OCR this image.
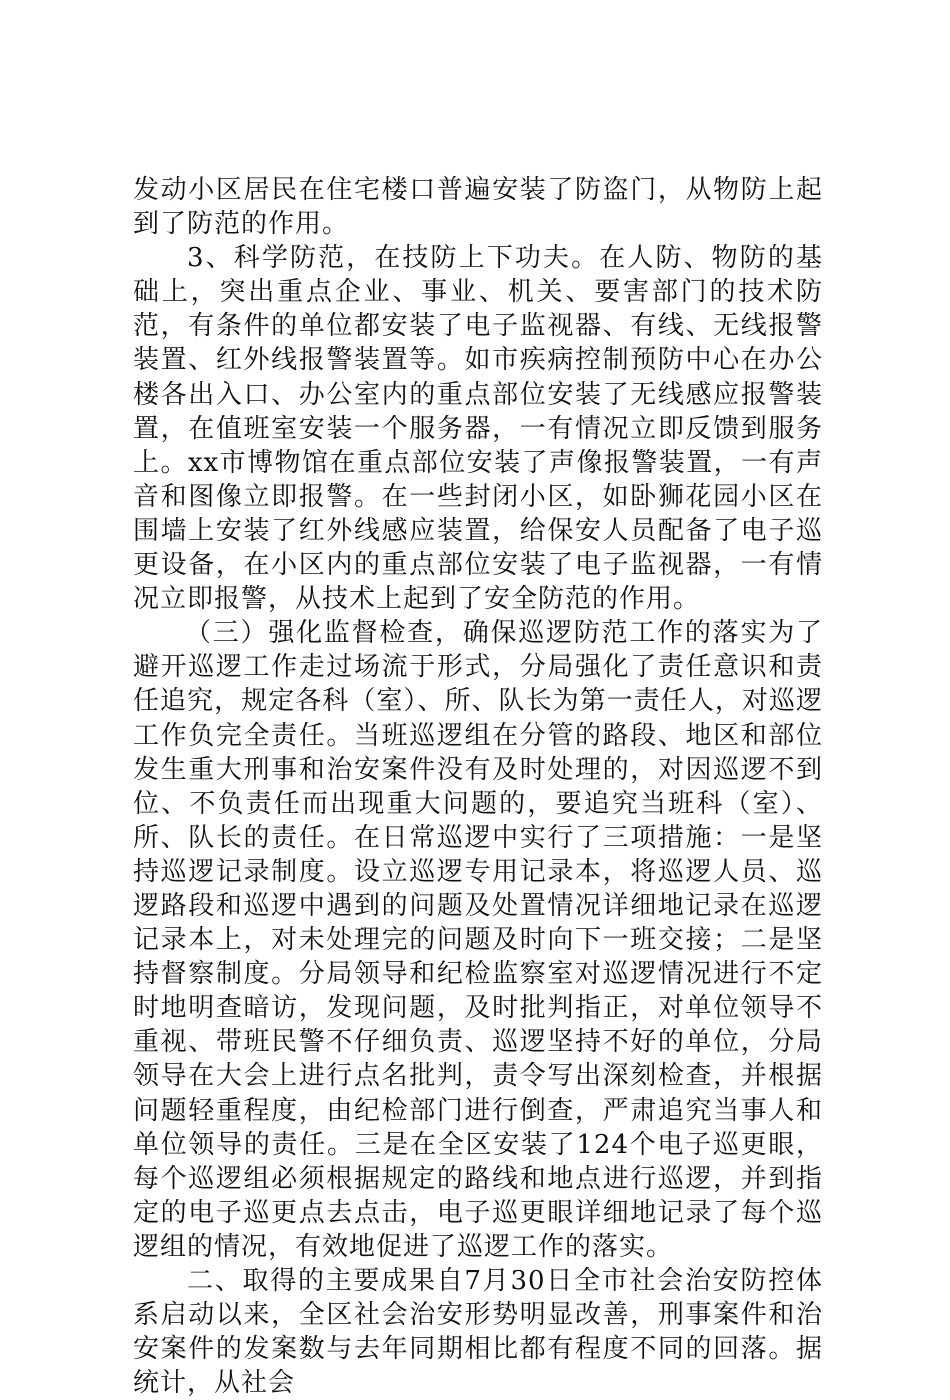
发动小区居民在住宅楼口普遍安装了防盗门，从物防上起到了防范的作用。

3、科学防范，在技防上下功夫。在人防、物防的基础上，突出重点企业、事业、机关、要害部门的技术防范，有条件的单位都安装了电子监视器、有线、无线报警装置、红外线报警装置等。如市疾病控制预防中心在办公楼各出入口、办公室内的重点部位安装了无线感应报警装置，在值班室安装一个服务器，一有情况立即反馈到服务上。xx市博物馆在重点部位安装了声像报警装置，一有声音和图像立即报警。在一些封闭小区，如卧狮花园小区在围墙上安装了红外线感应装置，给保安人员配备了电子巡更设备，在小区内的重点部位安装了电子监视器，一有情况立即报警，从技术上起到了安全防范的作用。

（三）强化监督检查，确保巡逻防范工作的落实为了避开巡逻工作走过场流于形式，分局强化了责任意识和责任追究，规定各科（室）、所、队长为第一责任人，对巡逻工作负完全责任。当班巡逻组在分管的路段、地区和部位发生重大刑事和治安案件没有及时处理的，对因巡逻不到位、不负责任而出现重大问题的，要追究当班科（室）、所、队长的责任。在日常巡逻中实行了三项措施：一是坚持巡逻记录制度。设立巡逻专用记录本，将巡逻人员、巡逻路段和巡逻中遇到的问题及处置情况详细地记录在巡逻记录本上，对未处理完的问题及时向下一班交接；二是坚持督察制度。分局领导和纪检监察室对巡逻情况进行不定时地明查暗访，发现问题，及时批判指正，对单位领导不重视、带班民警不仔细负责、巡逻坚持不好的单位，分局领导在大会上进行点名批判，责令写出深刻检查，并根据问题轻重程度，由纪检部门进行倒查，严肃追究当事人和单位领导的责任。三是在全区安装了124个电子巡更眼，每个巡逻组必须根据规定的路线和地点进行巡逻，并到指定的电子巡更点去点击，电子巡更眼详细地记录了每个巡逻组的情况，有效地促进了巡逻工作的落实。

二、取得的主要成果自7月30日全市社会治安防控体系启动以来，全区社会治安形势明显改善，刑事案件和治安案件的发案数与去年同期相比都有程度不同的回落。据统计，从社会
